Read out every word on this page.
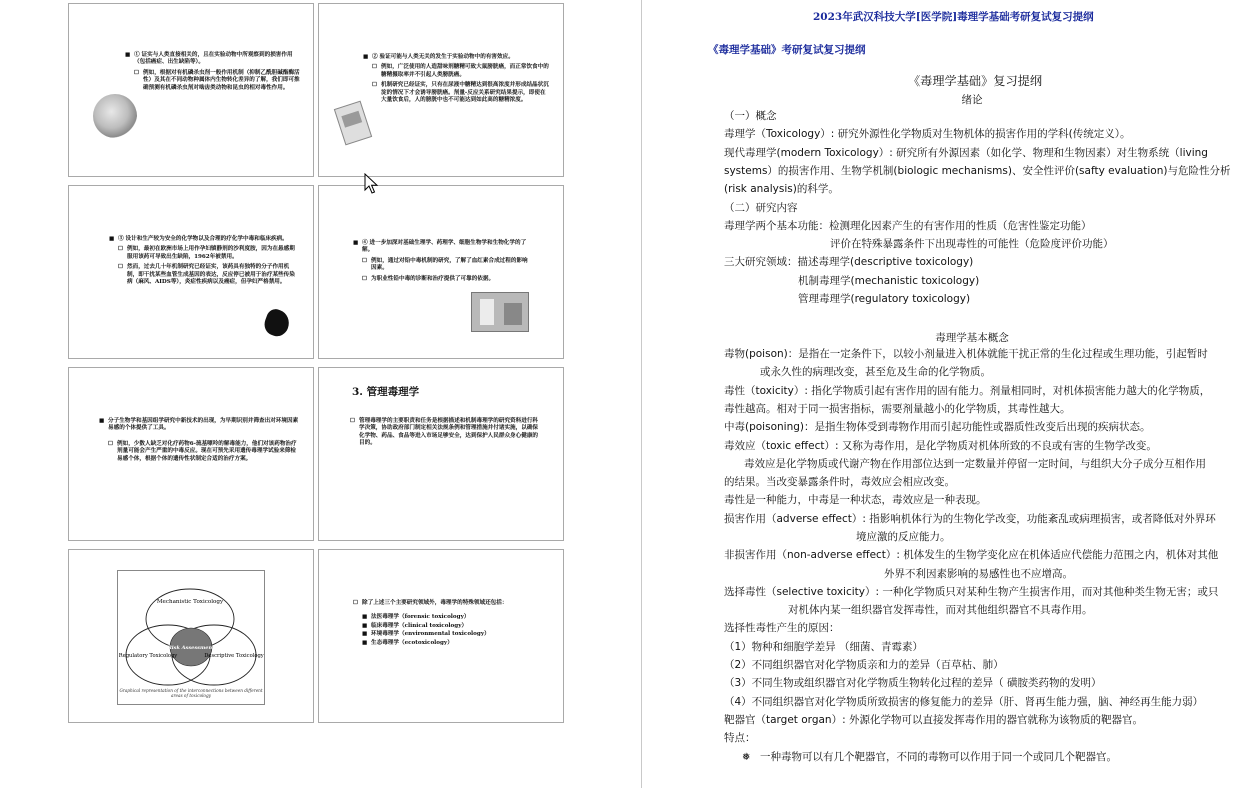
■ ① 证实与人类直接相关的，且在实验动物中所观察到的损害作用（包括癌症、出生缺陷等）。
☐ 例如，根据对有机磷杀虫剂一般作用机制（抑制乙酰胆碱酯酶活性）及其在不同动物种属体内生物转化差异的了解，我们即可推确预测有机磷杀虫剂对啮齿类动物和昆虫的相对毒性作用。
■ ② 验证可能与人类无关的发生于实验动物中的有害效应。
☐ 例如，广泛使用的人造甜味剂糖精可致大鼠膀胱癌，而正常饮食中的糖精摄取率并不引起人类膀胱癌。
☐ 机制研究已经证实，只有在尿液中糖精达到很高浓度并形成结晶状沉淀的情况下才会诱导膀胱癌。剂量-反应关系研究结果提示，即使在大量饮食后，人的膀胱中也不可能达到如此高的糖精浓度。
■ ③ 设计和生产较为安全的化学物以及合理的疗化学中毒和临床疾病。
☐ 例如，最初在欧洲市场上用作孕妇镇静剂的沙利度胺，因为在悬感期服用该药可导致出生缺陷，1962年被禁用。
☐ 然而，过去几十年机制研究已经证实，该药具有独特的分子作用机制，即干扰某些血管生成基因的表达，反应停已被用于治疗某些传染病（麻风、AIDS等），炎症性疾病以及癌症，但孕妇严格禁用。
■ ④ 进一步加深对基础生理学、药理学、细胞生物学和生物化学的了解。
☐ 例如，通过对铅中毒机制的研究，了解了血红素合成过程的影响因素。
☐ 为职业性铅中毒的诊断和治疗提供了可靠的依据。
■ 分子生物学和基因组学研究中新技术的出现，为早期识别并筛查出对环境因素易感的个体提供了工具。
☐ 例如，少数人缺乏对化疗药物6-巯基嘌呤的解毒能力，他们对该药物治疗剂量可能会产生严重的中毒反应。现在可预先采用遗传毒理学试验来筛检易感个体，根据个体的遗传性状制定合适的治疗方案。
3. 管理毒理学
☐ 管理毒理学的主要职责和任务是根据描述和机制毒理学的研究资料进行科学决策，协助政府部门制定相关法规条例和管理措施并付诸实施，以确保化学物、药品、食品等进入市场足够安全，达到保护人民群众身心健康的目的。
Mechanistic Toxicology
Regulatory Toxicology	Descriptive Toxicology
Risk Assessment
Graphical representation of the interconnections between different areas of toxicology
☐ 除了上述三个主要研究领域外，毒理学的特殊领域还包括：
■ 法医毒理学（forensic toxicology）
■ 临床毒理学（clinical toxicology）
■ 环境毒理学（environmental toxicology）
■ 生态毒理学（ecotoxicology）
2023年武汉科技大学[医学院]毒理学基础考研复试复习提纲
《毒理学基础》考研复试复习提纲
《毒理学基础》复习提纲
绪论
（一）概念
毒理学（Toxicology）: 研究外源性化学物质对生物机体的损害作用的学科(传统定义）。
现代毒理学(modern Toxicology）: 研究所有外源因素（如化学、物理和生物因素）对生物系统（living
systems）的损害作用、生物学机制(biologic mechanisms)、安全性评价(safty evaluation)与危险性分析
(risk analysis)的科学。
（二）研究内容
毒理学两个基本功能：检测理化因素产生的有害作用的性质（危害性鉴定功能）
评价在特殊暴露条件下出现毒性的可能性（危险度评价功能）
三大研究领域：描述毒理学(descriptive toxicology)
机制毒理学(mechanistic toxicology)
管理毒理学(regulatory toxicology)
毒理学基本概念
毒物(poison)：是指在一定条件下，以较小剂量进入机体就能干扰正常的生化过程或生理功能，引起暂时
或永久性的病理改变，甚至危及生命的化学物质。
毒性（toxicity）: 指化学物质引起有害作用的固有能力。剂量相同时，对机体损害能力越大的化学物质，
毒性越高。相对于同一损害指标，需要剂量越小的化学物质，其毒性越大。
中毒(poisoning)：是指生物体受到毒物作用而引起功能性或器质性改变后出现的疾病状态。
毒效应（toxic effect）: 又称为毒作用，是化学物质对机体所致的不良或有害的生物学改变。
毒效应是化学物质或代谢产物在作用部位达到一定数量并停留一定时间，与组织大分子成分互相作用
的结果。当改变暴露条件时，毒效应会相应改变。
毒性是一种能力，中毒是一种状态，毒效应是一种表现。
损害作用（adverse effect）: 指影响机体行为的生物化学改变，功能紊乱或病理损害，或者降低对外界环
境应激的反应能力。
非损害作用（non-adverse effect）: 机体发生的生物学变化应在机体适应代偿能力范围之内，机体对其他
外界不利因素影响的易感性也不应增高。
选择毒性（selective toxicity）: 一种化学物质只对某种生物产生损害作用，而对其他种类生物无害；或只
对机体内某一组织器官发挥毒性，而对其他组织器官不具毒作用。
选择性毒性产生的原因：
（1）物种和细胞学差异 （细菌、青霉素）
（2）不同组织器官对化学物质亲和力的差异（百草枯、肺）
（3）不同生物或组织器官对化学物质生物转化过程的差异（ 磺胺类药物的发明）
（4）不同组织器官对化学物质所致损害的修复能力的差异（肝、肾再生能力强，脑、神经再生能力弱）
靶器官（target organ）: 外源化学物可以直接发挥毒作用的器官就称为该物质的靶器官。
特点：
❅ 一种毒物可以有几个靶器官，不同的毒物可以作用于同一个或同几个靶器官。
